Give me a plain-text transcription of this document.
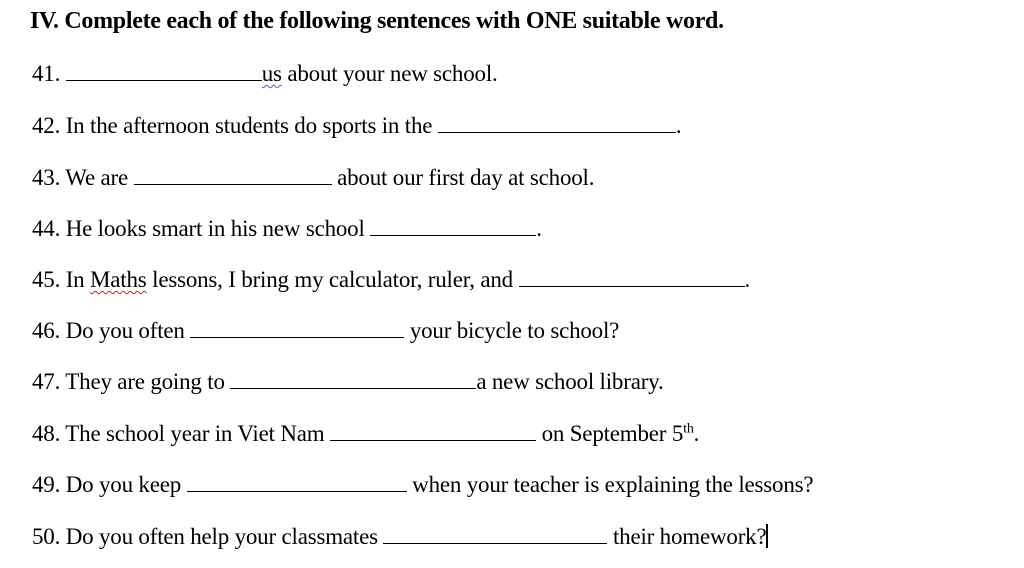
IV. Complete each of the following sentences with ONE suitable word.
41.	us about your new school.
42. In the afternoon students do sports in the	.
43. We are	about our first day at school.
44. He looks smart in his new school	.
45. In Maths lessons, I bring my calculator, ruler, and	.
46. Do you often	your bicycle to school?
47. They are going to	a new school library.
48. The school year in Viet Nam	on September 5th.
49. Do you keep	when your teacher is explaining the lessons?
50. Do you often help your classmates	their homework?
